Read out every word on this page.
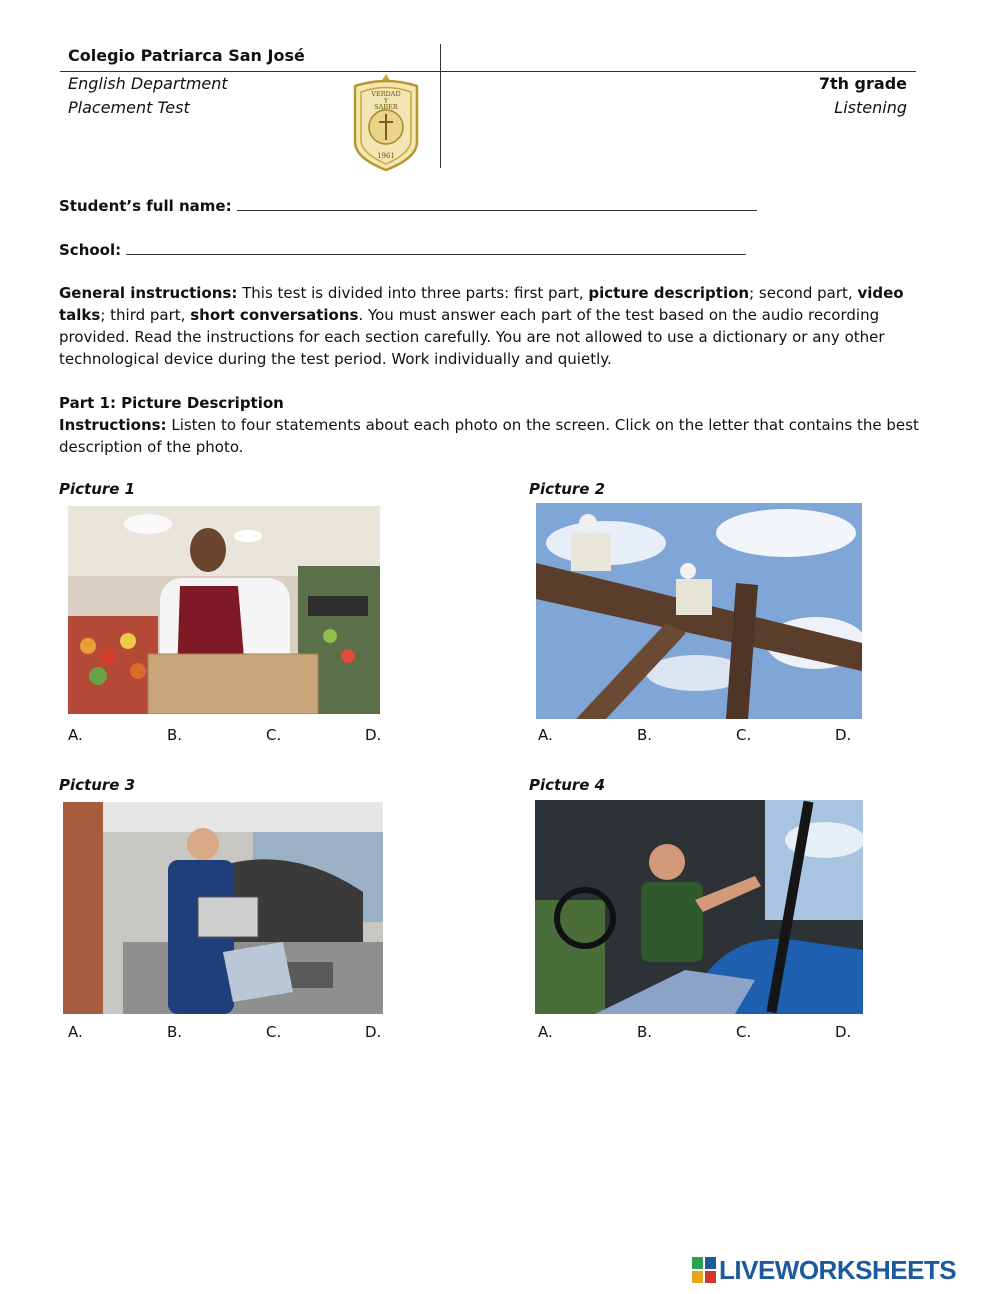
Colegio Patriarca San José
English Department
Placement Test
7th grade
Listening
VERDAD
Y
SABER
1961
Student’s full name:
School:
General instructions: This test is divided into three parts: first part, picture description; second part, video talks; third part, short conversations. You must answer each part of the test based on the audio recording provided. Read the instructions for each section carefully. You are not allowed to use a dictionary or any other technological device during the test period. Work individually and quietly.
Part 1: Picture Description
Instructions: Listen to four statements about each photo on the screen. Click on the letter that contains the best description of the photo.
Picture 1
A.	B.	C.	D.
Picture 2
A.	B.	C.	D.
Picture 3
A.	B.	C.	D.
Picture 4
A.	B.	C.	D.
LIVEWORKSHEETS
